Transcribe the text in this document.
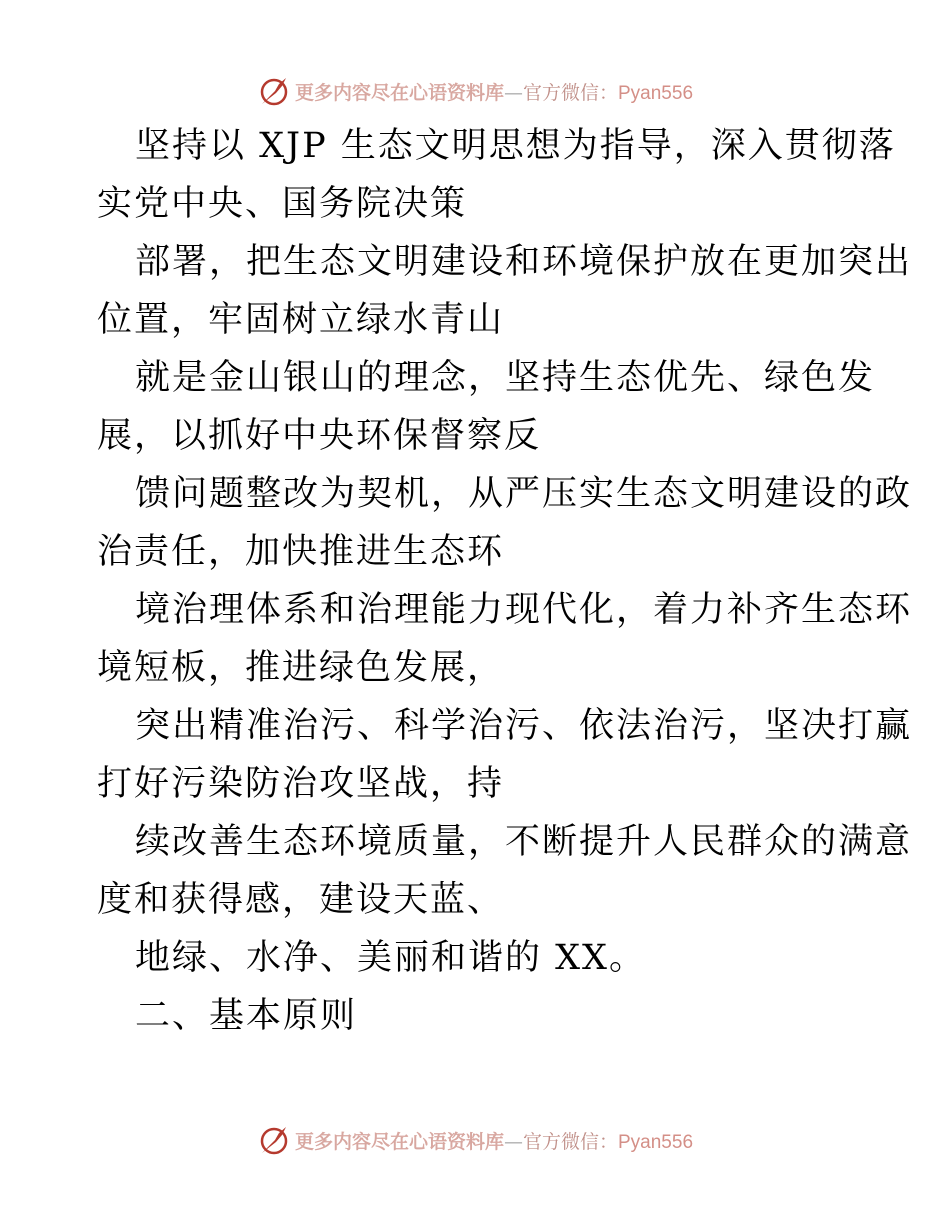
更多内容尽在心语资料库—官方微信：Pyan556
坚持以 XJP 生态文明思想为指导，深入贯彻落
实党中央、国务院决策
部署，把生态文明建设和环境保护放在更加突出
位置，牢固树立绿水青山
就是金山银山的理念，坚持生态优先、绿色发
展，以抓好中央环保督察反
馈问题整改为契机，从严压实生态文明建设的政
治责任，加快推进生态环
境治理体系和治理能力现代化，着力补齐生态环
境短板，推进绿色发展，
突出精准治污、科学治污、依法治污，坚决打赢
打好污染防治攻坚战，持
续改善生态环境质量，不断提升人民群众的满意
度和获得感，建设天蓝、
地绿、水净、美丽和谐的 XX。
二、基本原则
更多内容尽在心语资料库—官方微信：Pyan556
